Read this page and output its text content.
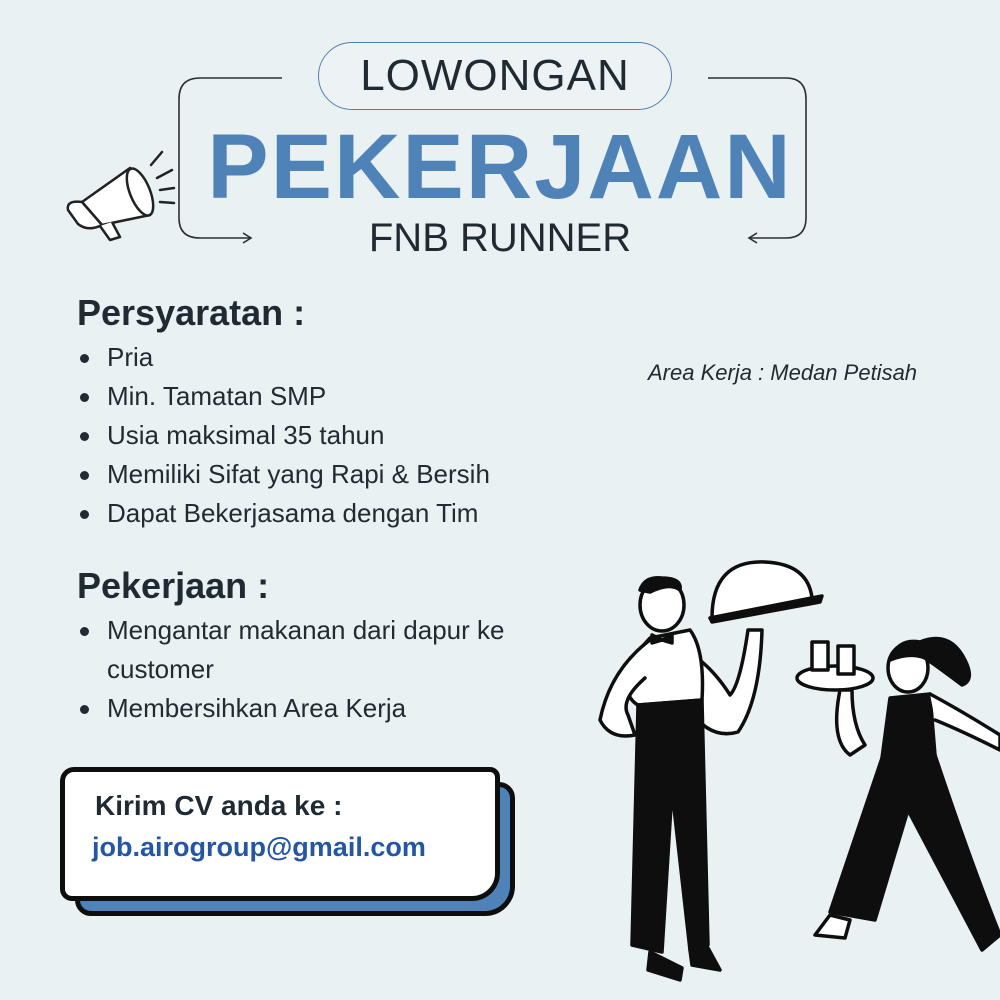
LOWONGAN
PEKERJAAN
FNB RUNNER
Persyaratan :
Pria
Min. Tamatan SMP
Usia maksimal 35 tahun
Memiliki Sifat yang Rapi & Bersih
Dapat Bekerjasama dengan Tim
Pekerjaan :
Mengantar makanan dari dapur ke customer
Membersihkan Area Kerja
Area Kerja : Medan Petisah
Kirim CV anda ke :
job.airogroup@gmail.com
